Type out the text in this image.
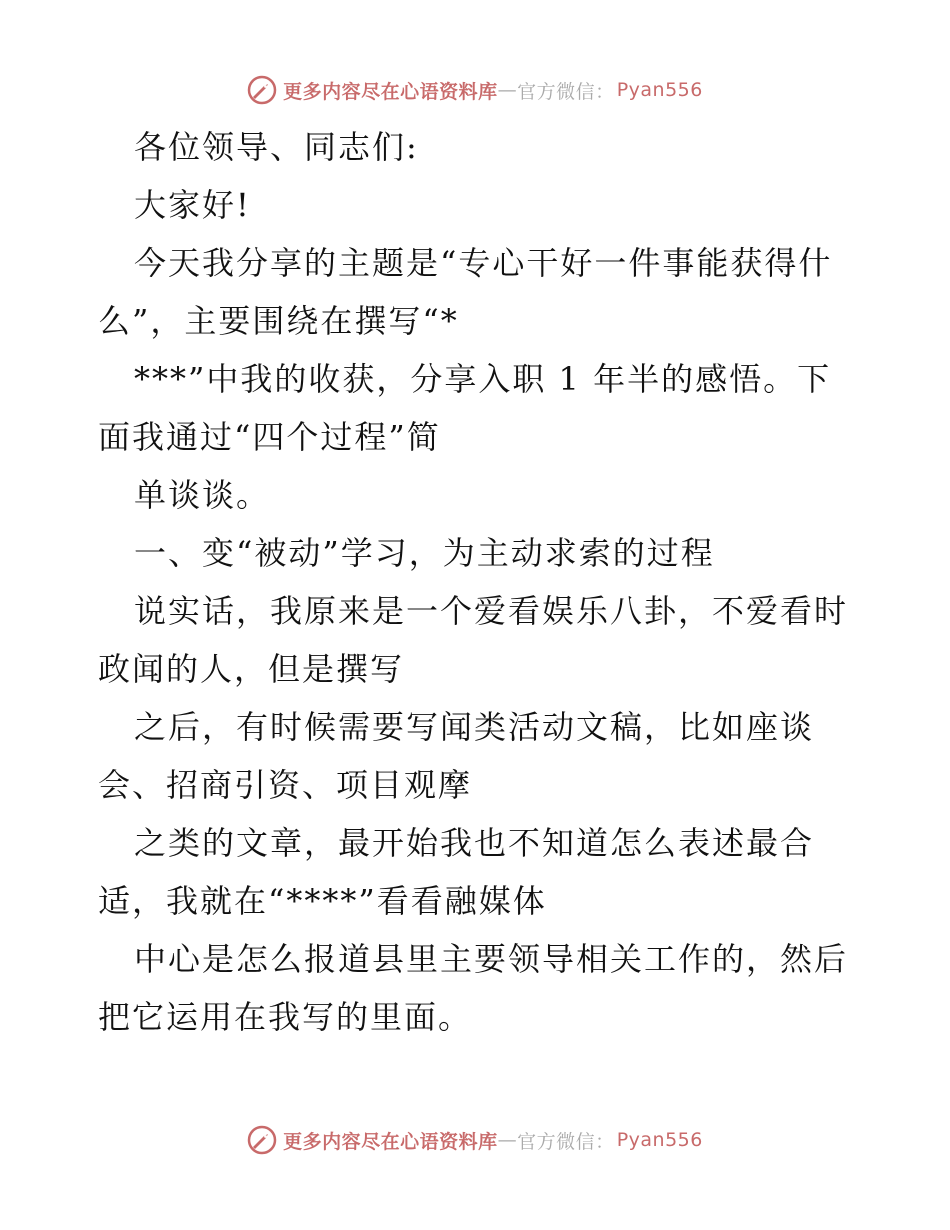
更多内容尽在心语资料库 — 官方微信 ： Pyan556
各位领导、同志们:
大家好!
今天我分享的主题是“专心干好一件事能获得什
么”，主要围绕在撰写“*
***”中我的收获，分享入职 1 年半的感悟。下
面我通过“四个过程”简
单谈谈。
一、变“被动”学习，为主动求索的过程
说实话，我原来是一个爱看娱乐八卦，不爱看时
政闻的人，但是撰写
之后，有时候需要写闻类活动文稿，比如座谈
会、招商引资、项目观摩
之类的文章，最开始我也不知道怎么表述最合
适，我就在“****”看看融媒体
中心是怎么报道县里主要领导相关工作的，然后
把它运用在我写的里面。
更多内容尽在心语资料库 — 官方微信 ： Pyan556
